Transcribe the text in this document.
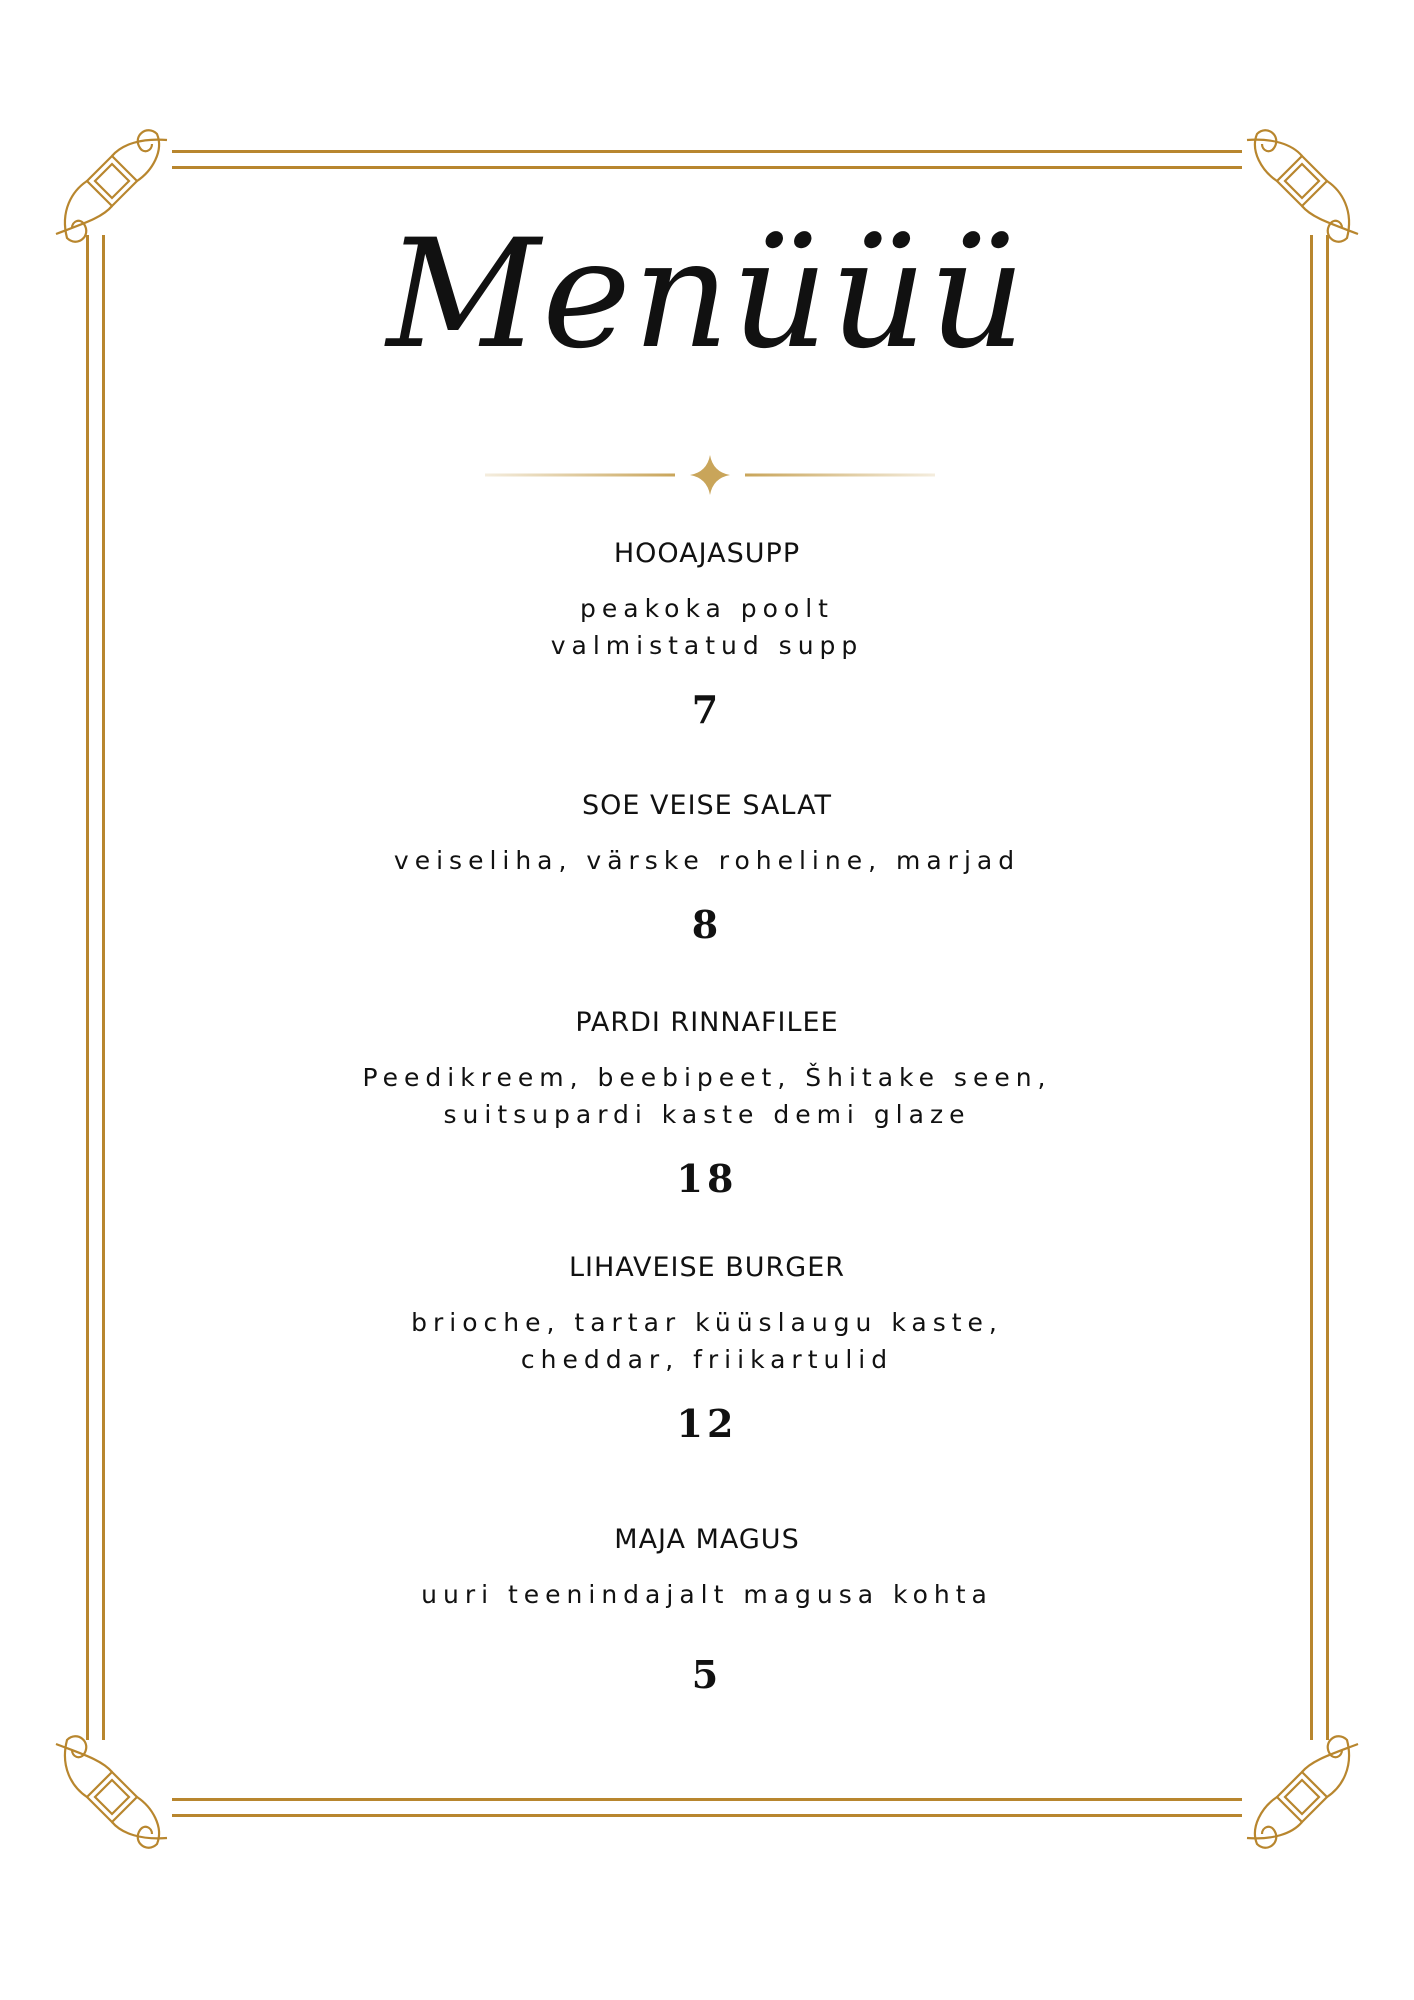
Menüüü
HOOAJASUPP
peakoka poolt
valmistatud supp
7
SOE VEISE SALAT
veiseliha, värske roheline, marjad
8
PARDI RINNAFILEE
Peedikreem, beebipeet, Šhitake seen,
suitsupardi kaste demi glaze
18
LIHAVEISE BURGER
brioche, tartar küüslaugu kaste,
cheddar, friikartulid
12
MAJA MAGUS
uuri teenindajalt magusa kohta
5
